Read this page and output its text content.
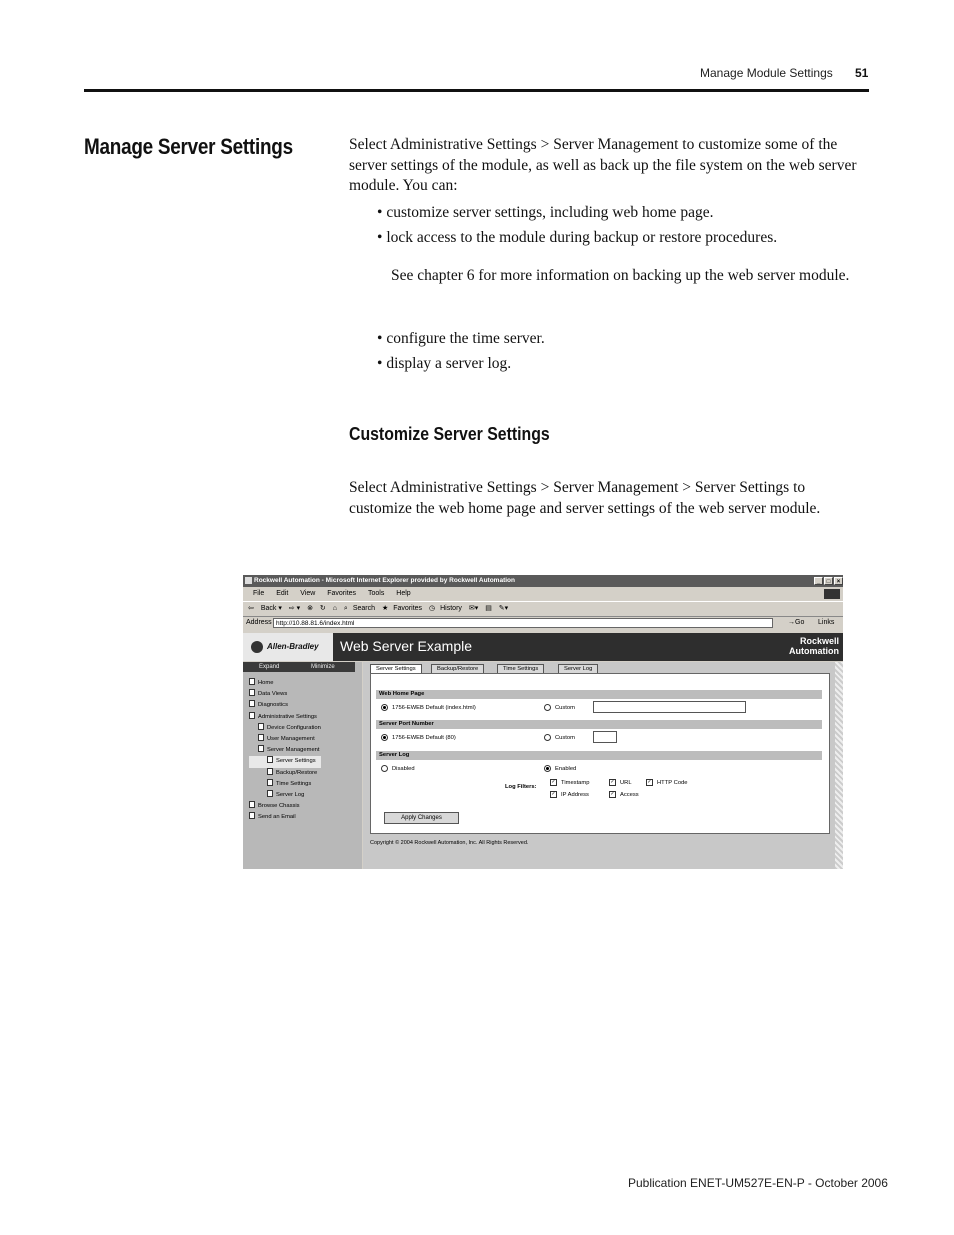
Manage Module Settings 51
Manage Server Settings	Select Administrative Settings > Server Management to customize some of the server settings of the module, as well as back up the file system on the web server module. You can:
• customize server settings, including web home page.
• lock access to the module during backup or restore procedures.
See chapter 6 for more information on backing up the web server module.
• configure the time server.
• display a server log.
Customize Server Settings
Select Administrative Settings > Server Management > Server Settings to customize the web home page and server settings of the web server module.
Rockwell Automation - Microsoft Internet Explorer provided by Rockwell Automation	_	□	×
File Edit View Favorites Tools Help
⇦ Back ▾ ⇨ ▾ ⊗ ↻ ⌂ ⌕ Search ★ Favorites ◷ History ✉▾ ▤ ✎▾
Address http://10.88.81.6/index.html	→Go Links
Allen-Bradley	Web Server Example	Rockwell
Automation
Expand	Minimize
Home
Data Views
Diagnostics
Administrative Settings
Device Configuration
User Management
Server Management
Server Settings
Backup/Restore
Time Settings
Server Log
Browse Chassis
Send an Email
Server Settings	Backup/Restore	Time Settings	Server Log
Web Home Page
1756-EWEB Default (index.html)	Custom
Server Port Number
1756-EWEB Default (80)	Custom
Server Log
Disabled	Enabled
Log Filters:
✓ Timestamp	✓ URL	✓ HTTP Code
✓ IP Address	✓ Access
Apply Changes
Copyright © 2004 Rockwell Automation, Inc. All Rights Reserved.
Publication ENET-UM527E-EN-P - October 2006
